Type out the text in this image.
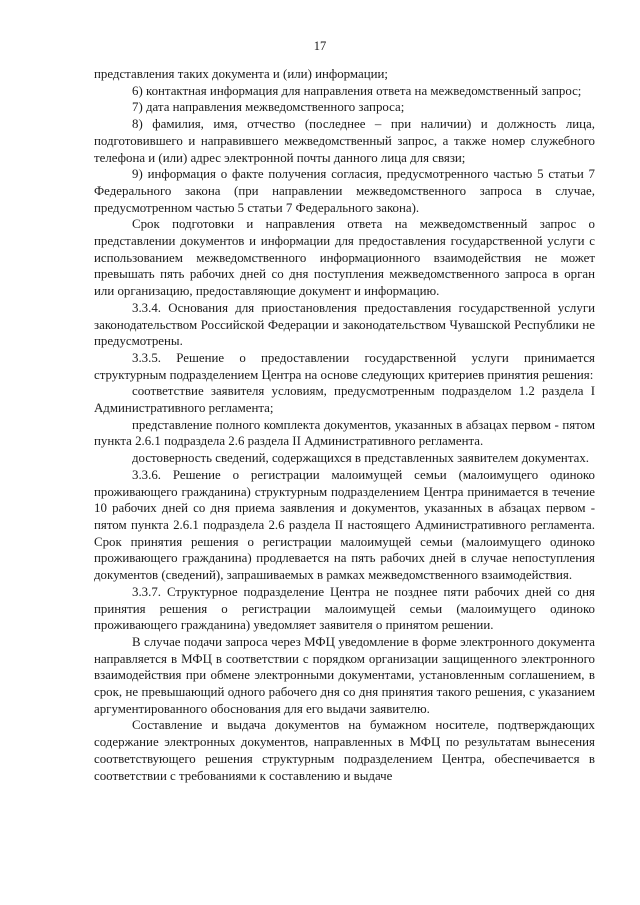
17

представления таких документа и (или) информации;

6) контактная информация для направления ответа на межведомственный запрос;

7) дата направления межведомственного запроса;

8) фамилия, имя, отчество (последнее – при наличии) и должность лица, подготовившего и направившего межведомственный запрос, а также номер служебного телефона и (или) адрес электронной почты данного лица для связи;

9) информация о факте получения согласия, предусмотренного частью 5 статьи 7 Федерального закона (при направлении межведомственного запроса в случае, предусмотренном частью 5 статьи 7 Федерального закона).

Срок подготовки и направления ответа на межведомственный запрос о представлении документов и информации для предоставления государственной услуги с использованием межведомственного информационного взаимодействия не может превышать пять рабочих дней со дня поступления межведомственного запроса в орган или организацию, предоставляющие документ и информацию.

3.3.4. Основания для приостановления предоставления государственной услуги законодательством Российской Федерации и законодательством Чувашской Республики не предусмотрены.

3.3.5. Решение о предоставлении государственной услуги принимается структурным подразделением Центра на основе следующих критериев принятия решения:

соответствие заявителя условиям, предусмотренным подразделом 1.2 раздела I Административного регламента;

представление полного комплекта документов, указанных в абзацах первом - пятом пункта 2.6.1 подраздела 2.6 раздела II Административного регламента.

достоверность сведений, содержащихся в представленных заявителем документах.

3.3.6. Решение о регистрации малоимущей семьи (малоимущего одиноко проживающего гражданина) структурным подразделением Центра принимается в течение 10 рабочих дней со дня приема заявления и документов, указанных в абзацах первом - пятом пункта 2.6.1 подраздела 2.6 раздела II настоящего Административного регламента. Срок принятия решения о регистрации малоимущей семьи (малоимущего одиноко проживающего гражданина) продлевается на пять рабочих дней в случае непоступления документов (сведений), запрашиваемых в рамках межведомственного взаимодействия.

3.3.7. Структурное подразделение Центра не позднее пяти рабочих дней со дня принятия решения о регистрации малоимущей семьи (малоимущего одиноко проживающего гражданина) уведомляет заявителя о принятом решении.

В случае подачи запроса через МФЦ уведомление в форме электронного документа направляется в МФЦ в соответствии с порядком организации защищенного электронного взаимодействия при обмене электронными документами, установленным соглашением, в срок, не превышающий одного рабочего дня со дня принятия такого решения, с указанием аргументированного обоснования для его выдачи заявителю.

Составление и выдача документов на бумажном носителе, подтверждающих содержание электронных документов, направленных в МФЦ по результатам вынесения соответствующего решения структурным подразделением Центра, обеспечивается в соответствии с требованиями к составлению и выдаче
